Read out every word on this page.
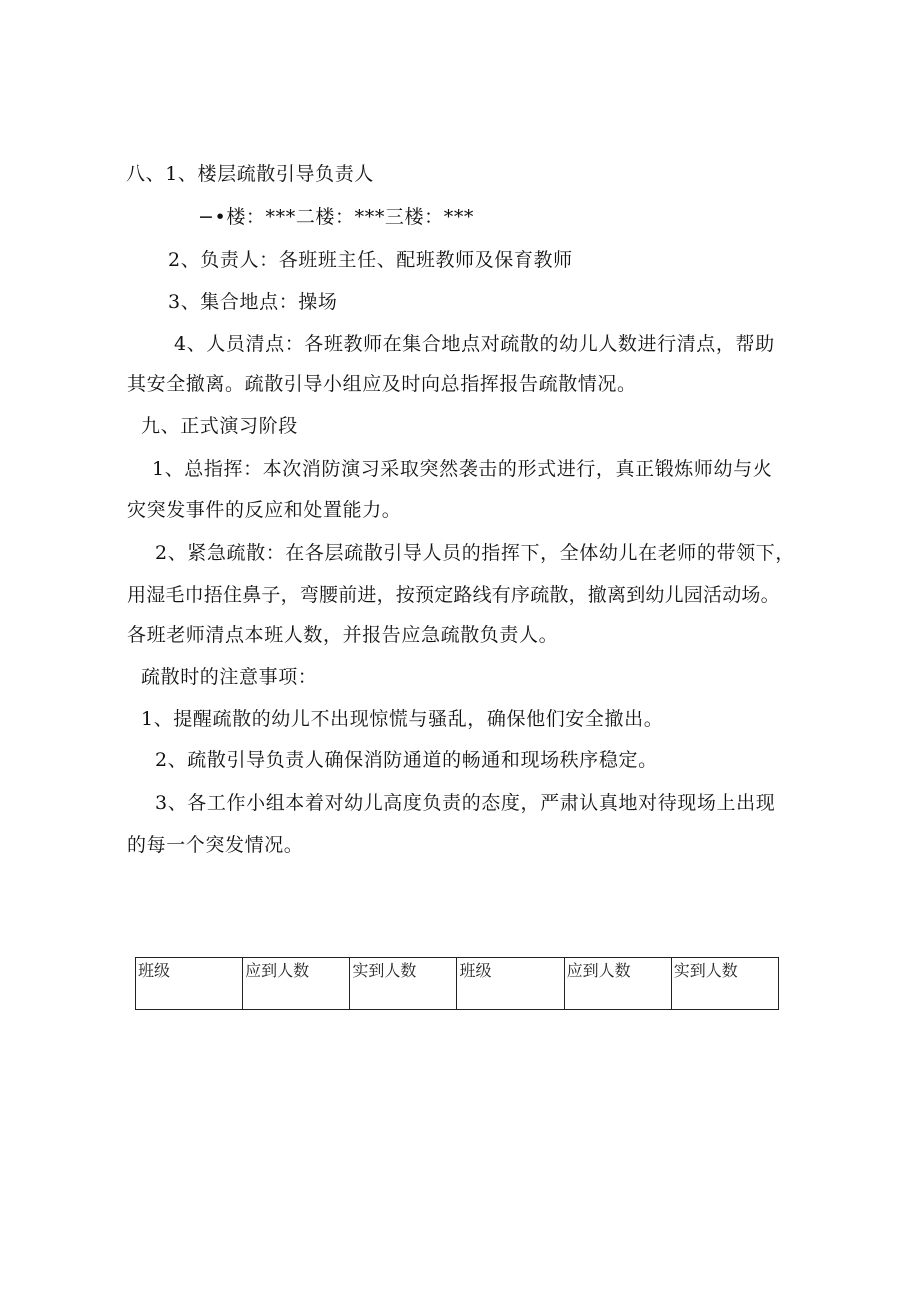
八、1、楼层疏散引导负责人
−•楼：***二楼：***三楼：***
2、负责人：各班班主任、配班教师及保育教师
3、集合地点：操场
4、人员清点：各班教师在集合地点对疏散的幼儿人数进行清点，帮助
其安全撤离。疏散引导小组应及时向总指挥报告疏散情况。
九、正式演习阶段
1、总指挥：本次消防演习采取突然袭击的形式进行，真正锻炼师幼与火
灾突发事件的反应和处置能力。
2、紧急疏散：在各层疏散引导人员的指挥下，全体幼儿在老师的带领下，
用湿毛巾捂住鼻子，弯腰前进，按预定路线有序疏散，撤离到幼儿园活动场。
各班老师清点本班人数，并报告应急疏散负责人。
疏散时的注意事项：
1、提醒疏散的幼儿不出现惊慌与骚乱，确保他们安全撤出。
2、疏散引导负责人确保消防通道的畅通和现场秩序稳定。
3、各工作小组本着对幼儿高度负责的态度，严肃认真地对待现场上出现
的每一个突发情况。
班级	应到人数	实到人数	班级	应到人数	实到人数
